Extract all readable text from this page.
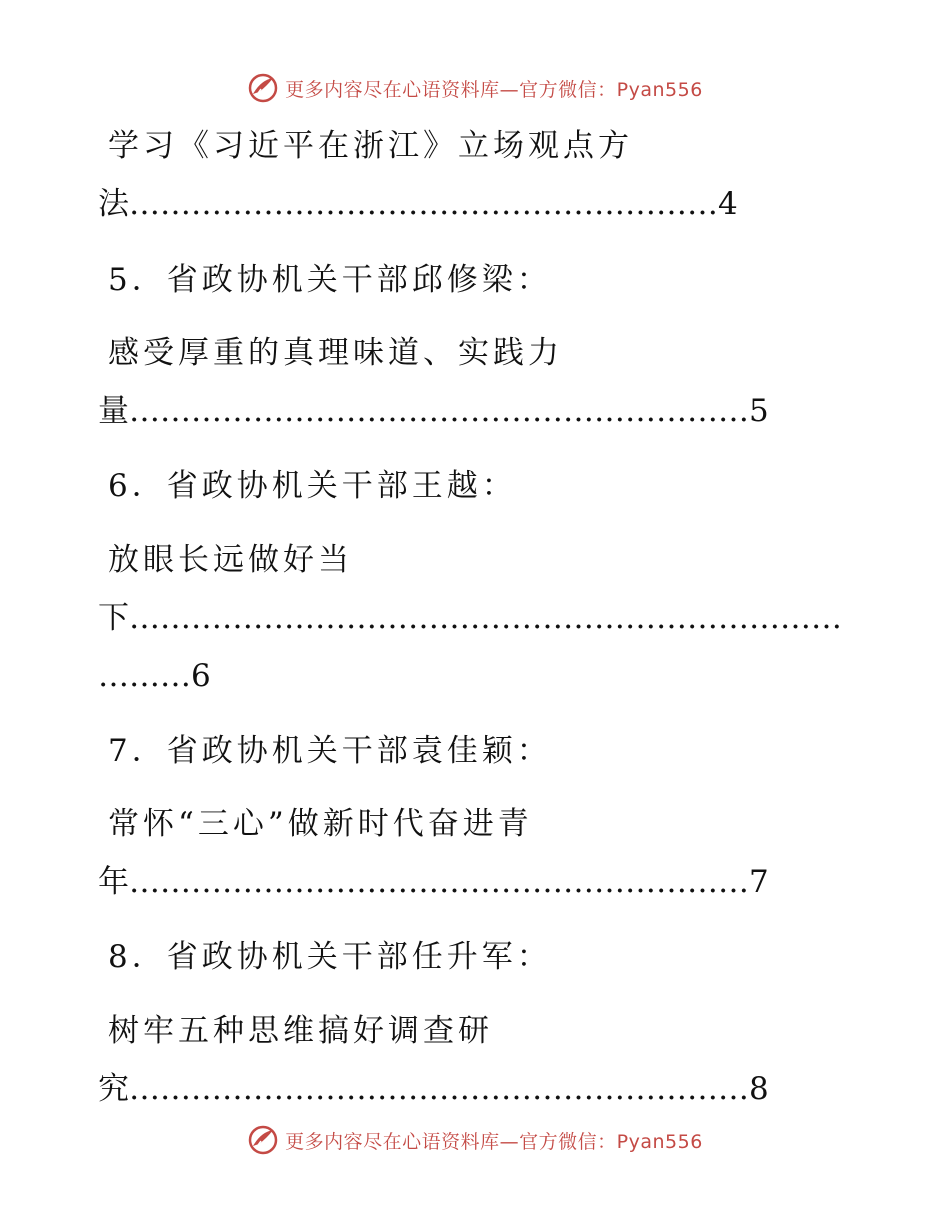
更多内容尽在心语资料库—官方微信：Pyan556
学习《习近平在浙江》立场观点方
法…………………………………………………4
5．省政协机关干部邱修梁：
感受厚重的真理味道、实践力
量……………………………………………………5
6．省政协机关干部王越：
放眼长远做好当
下……………………………………………………………
………6
7．省政协机关干部袁佳颖：
常怀“三心”做新时代奋进青
年……………………………………………………7
8．省政协机关干部任升军：
树牢五种思维搞好调查研
究……………………………………………………8
更多内容尽在心语资料库—官方微信：Pyan556
